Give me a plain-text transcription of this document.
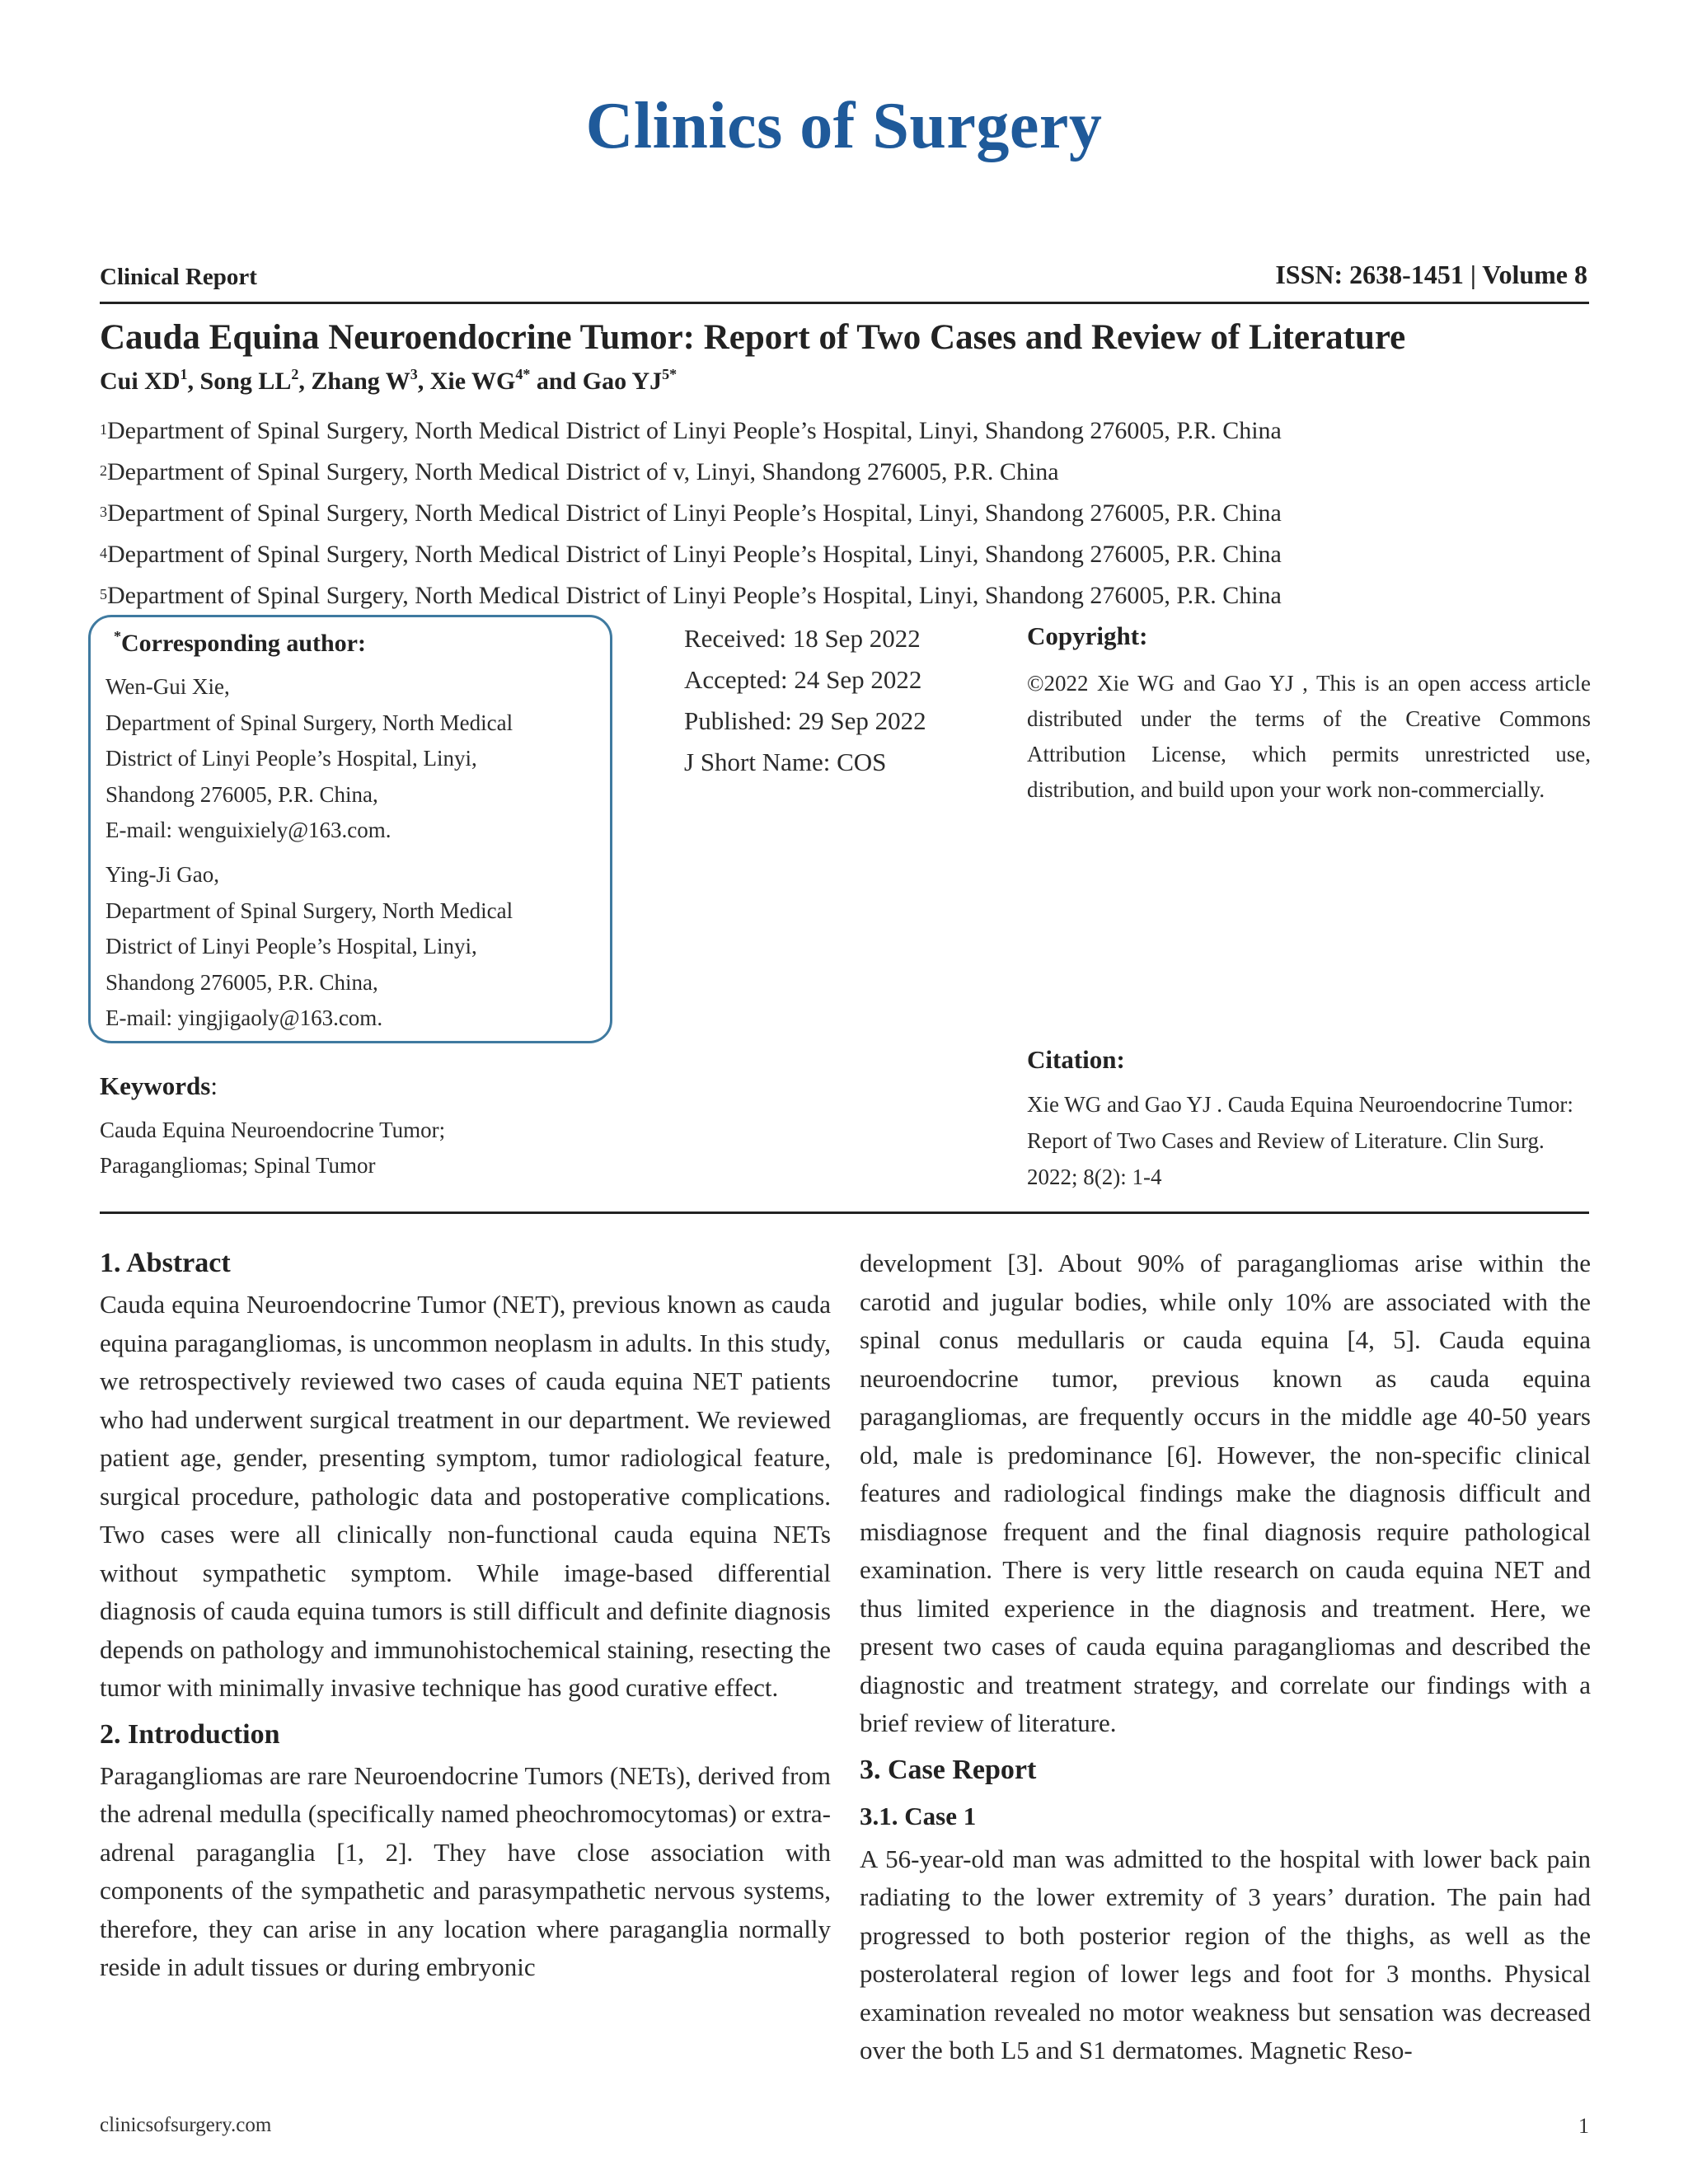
Clinics of Surgery
Clinical Report	ISSN: 2638-1451 | Volume 8
Cauda Equina Neuroendocrine Tumor: Report of Two Cases and Review of Literature
Cui $XD^1$, Song $LL^2$, Zhang $W^3$, Xie $WG^{4*}$ and Gao $YJ^{5*}$
$^1$Department of Spinal Surgery, North Medical District of Linyi People’s Hospital, Linyi, Shandong 276005, P.R. China
$^2$Department of Spinal Surgery, North Medical District of v, Linyi, Shandong 276005, P.R. China
$^3$Department of Spinal Surgery, North Medical District of Linyi People’s Hospital, Linyi, Shandong 276005, P.R. China
$^4$Department of Spinal Surgery, North Medical District of Linyi People’s Hospital, Linyi, Shandong 276005, P.R. China
$^5$Department of Spinal Surgery, North Medical District of Linyi People’s Hospital, Linyi, Shandong 276005, P.R. China
*Corresponding author:
Wen-Gui Xie,
Department of Spinal Surgery, North Medical
District of Linyi People’s Hospital, Linyi,
Shandong 276005, P.R. China,
E-mail: wenguixiely@163.com.
Ying-Ji Gao,
Department of Spinal Surgery, North Medical
District of Linyi People’s Hospital, Linyi,
Shandong 276005, P.R. China,
E-mail: yingjigaoly@163.com.
Received: 18 Sep 2022
Accepted: 24 Sep 2022
Published: 29 Sep 2022
J Short Name: COS
Copyright:
©2022 Xie WG and Gao YJ , This is an open access article distributed under the terms of the Creative Commons Attribution License, which permits unrestricted use, distribution, and build upon your work non-commercially.
Citation:
Xie WG and Gao YJ . Cauda Equina Neuroendocrine Tumor: Report of Two Cases and Review of Literature. Clin Surg. 2022; 8(2): 1-4
Keywords:
Cauda Equina Neuroendocrine Tumor;
Paragangliomas; Spinal Tumor
1. Abstract

Cauda equina Neuroendocrine Tumor (NET), previous known as cauda equina paragangliomas, is uncommon neoplasm in adults. In this study, we retrospectively reviewed two cases of cauda equina NET patients who had underwent surgical treatment in our department. We reviewed patient age, gender, presenting symptom, tumor radiological feature, surgical procedure, pathologic data and postoperative complications. Two cases were all clinically non-functional cauda equina NETs without sympathetic symptom. While image-based differential diagnosis of cauda equina tumors is still difficult and definite diagnosis depends on pathology and immunohistochemical staining, resecting the tumor with minimally invasive technique has good curative effect.

2. Introduction

Paragangliomas are rare Neuroendocrine Tumors (NETs), derived from the adrenal medulla (specifically named pheochromocytomas) or extra-adrenal paraganglia [1, 2]. They have close association with components of the sympathetic and parasympathetic nervous systems, therefore, they can arise in any location where paraganglia normally reside in adult tissues or during embryonic

development [3]. About 90% of paragangliomas arise within the carotid and jugular bodies, while only 10% are associated with the spinal conus medullaris or cauda equina [4, 5]. Cauda equina neuroendocrine tumor, previous known as cauda equina paragangliomas, are frequently occurs in the middle age 40-50 years old, male is predominance [6]. However, the non-specific clinical features and radiological findings make the diagnosis difficult and misdiagnose frequent and the final diagnosis require pathological examination. There is very little research on cauda equina NET and thus limited experience in the diagnosis and treatment. Here, we present two cases of cauda equina paragangliomas and described the diagnostic and treatment strategy, and correlate our findings with a brief review of literature.

3. Case Report
3.1. Case 1

A 56-year-old man was admitted to the hospital with lower back pain radiating to the lower extremity of 3 years’ duration. The pain had progressed to both posterior region of the thighs, as well as the posterolateral region of lower legs and foot for 3 months. Physical examination revealed no motor weakness but sensation was decreased over the both L5 and S1 dermatomes. Magnetic Reso-

clinicsofsurgery.com	1
